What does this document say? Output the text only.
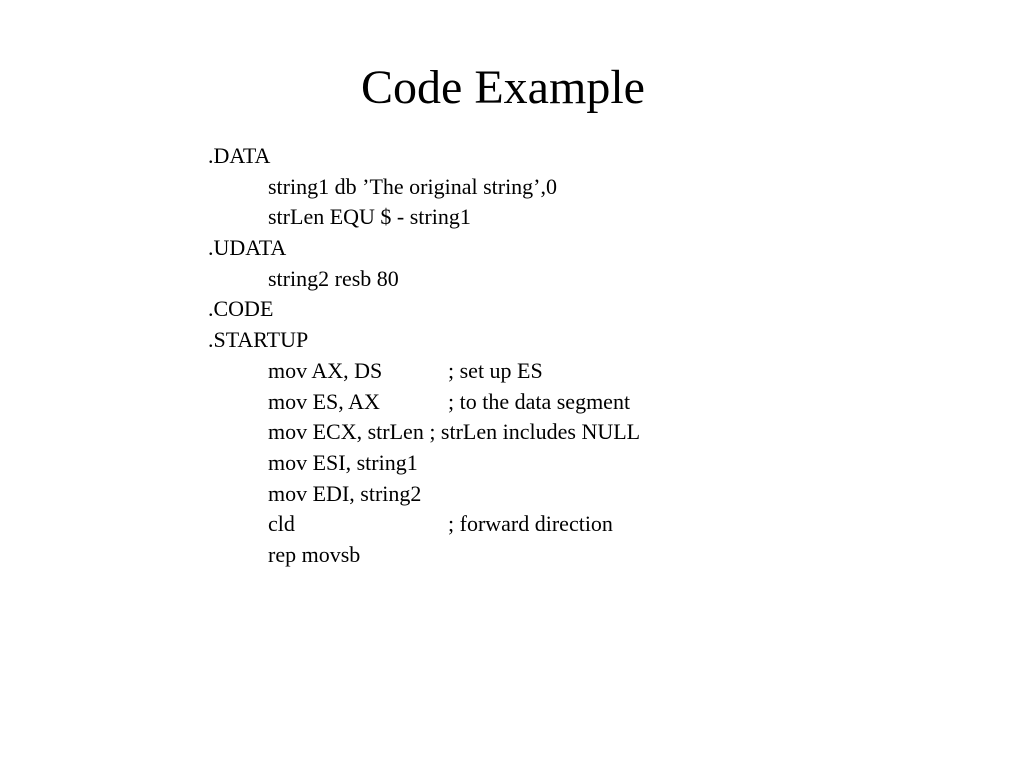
Code Example
.DATA
string1 db ’The original string’,0
strLen EQU $ - string1
.UDATA
string2 resb 80
.CODE
.STARTUP
mov AX, DS	; set up ES
mov ES, AX	; to the data segment
mov ECX, strLen ; strLen includes NULL
mov ESI, string1
mov EDI, string2
cld	; forward direction
rep movsb
